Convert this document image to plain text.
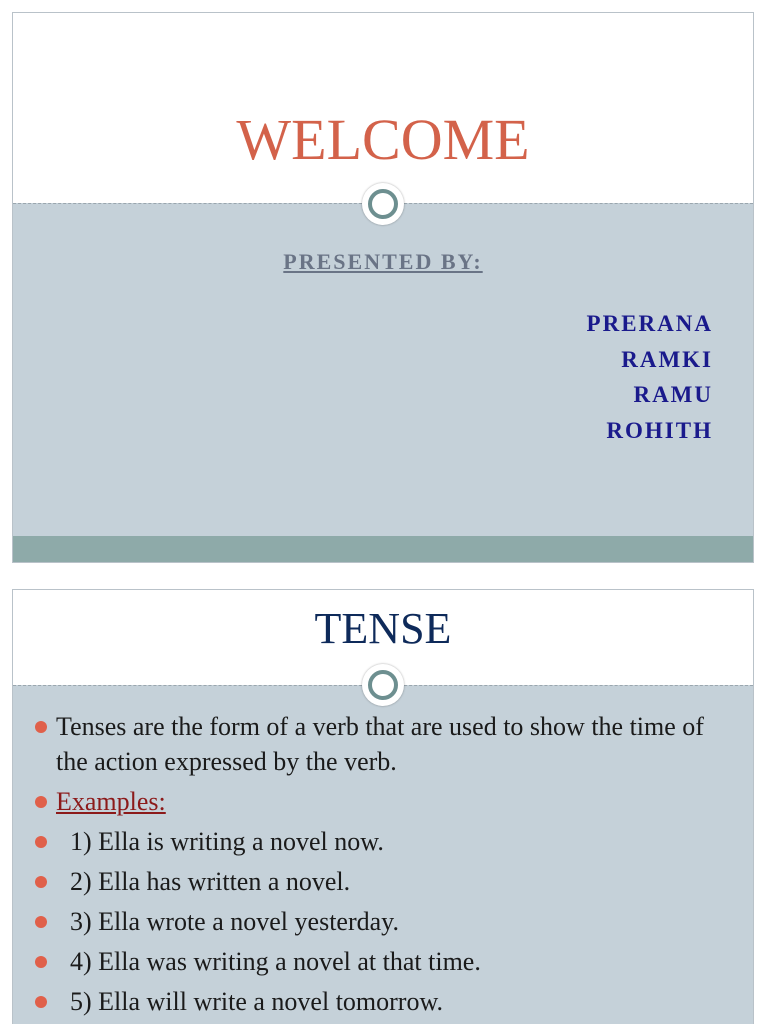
WELCOME
PRESENTED BY:
PRERANA
RAMKI
RAMU
ROHITH
TENSE
Tenses are the form of a verb that are used to show the time of the action expressed by the verb.
Examples:
1) Ella is writing a novel now.
2) Ella has written a novel.
3) Ella wrote a novel yesterday.
4) Ella was writing a novel at that time.
5) Ella will write a novel tomorrow.
